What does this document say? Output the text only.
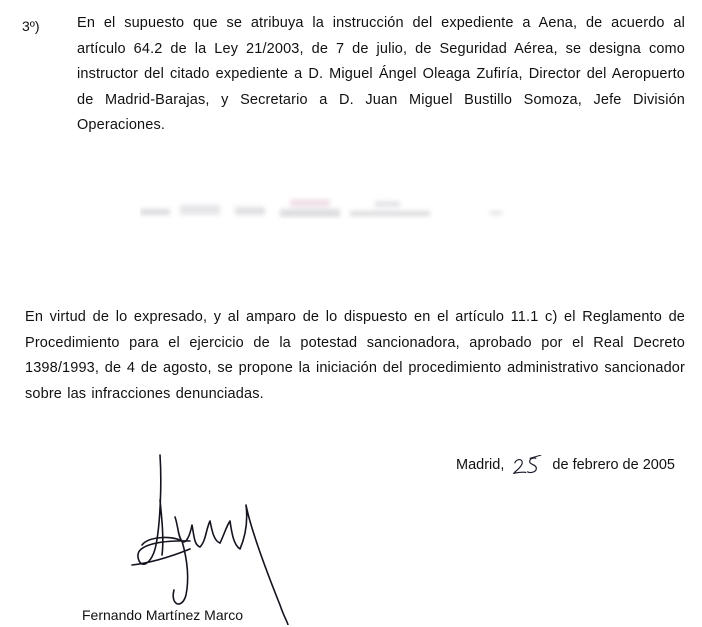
3º)	En el supuesto que se atribuya la instrucción del expediente a Aena, de acuerdo al artículo 64.2 de la Ley 21/2003, de 7 de julio, de Seguridad Aérea, se designa como instructor del citado expediente a D. Miguel Ángel Oleaga Zufiría, Director del Aeropuerto de Madrid-Barajas, y Secretario a D. Juan Miguel Bustillo Somoza, Jefe División Operaciones.

En virtud de lo expresado, y al amparo de lo dispuesto en el artículo 11.1 c) el Reglamento de Procedimiento para el ejercicio de la potestad sancionadora, aprobado por el Real Decreto 1398/1993, de 4 de agosto, se propone la iniciación del procedimiento administrativo sancionador sobre las infracciones denunciadas.

Madrid,	de febrero de 2005
Fernando Martínez Marco
